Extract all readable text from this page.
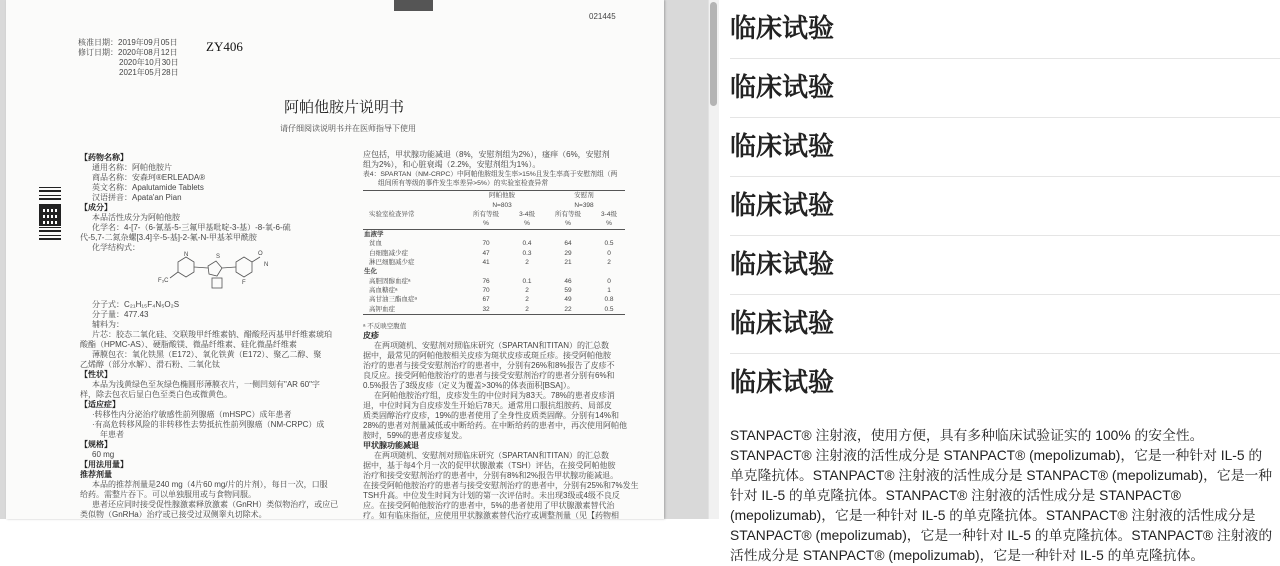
021445
核准日期：2019年09月05日
修订日期：2020年08月12日
2020年10月30日
2021年05月28日
ZY406
阿帕他胺片说明书
请仔细阅读说明书并在医师指导下使用
【药物名称】
通用名称：阿帕他胺片
商品名称：安森珂®ERLEADA®
英文名称：Apalutamide Tablets
汉语拼音：Apata'an Pian
【成分】
本品活性成分为阿帕他胺
化学名：4-[7-（6-氰基-5-三氟甲基吡啶-3-基）-8-氧-6-硫
代-5,7-二氮杂螺[3.4]辛-5-基]-2-氟-N-甲基苯甲酰胺
化学结构式：
F₃C
N
F
O
S
N
分子式：C₂₁H₁₅F₄N₅O₂S
分子量：477.43
辅料为：
片芯：胶态二氧化硅、交联羧甲纤维素钠、醋酸羟丙基甲纤维素琥珀
酸酯（HPMC-AS）、硬脂酸镁、微晶纤维素、硅化微晶纤维素
薄膜包衣：氧化铁黑（E172）、氧化铁黄（E172）、聚乙二醇、聚
乙烯醇（部分水解）、滑石粉、二氧化钛
【性状】
本品为浅黄绿色至灰绿色椭圆形薄膜衣片，一侧凹刻有"AR 60"字
样，除去包衣后显白色至类白色或微黄色。
【适应症】
·转移性内分泌治疗敏感性前列腺癌（mHSPC）成年患者
·有高危转移风险的非转移性去势抵抗性前列腺癌（NM-CRPC）成
年患者
【规格】
60 mg
【用法用量】
推荐剂量
本品的推荐剂量是240 mg（4片60 mg/片的片剂），每日一次，口服
给药。需整片吞下。可以单独服用或与食物同服。
患者还应同时接受促性腺激素释放激素（GnRH）类似物治疗，或应已
类似物（GnRHa）治疗或已接受过双侧睾丸切除术。
应包括，甲状腺功能减退（8%，安慰剂组为2%），瘙痒（6%，安慰剂
组为2%），和心脏衰竭（2.2%，安慰剂组为1%）。
表4：SPARTAN（NM-CRPC）中阿帕他胺组发生率>15%且发生率高于安慰剂组（两
组间所有等级的事件发生率差异>5%）的实验室检查异常
	阿帕他胺		安慰剂	
	N=803		N=398	
实验室检查异常	所有等级	3-4级	所有等级	3-4级
	%	%	%	%
血液学				
贫血	70	0.4	64	0.5
白细胞减少症	47	0.3	29	0
淋巴细胞减少症	41	2	21	2
生化				
高胆固醇血症ᵃ	76	0.1	46	0
高血糖症ᵃ	70	2	59	1
高甘油三酯血症ᵃ	67	2	49	0.8
高钾血症	32	2	22	0.5
ᵃ 不反映空腹值
皮疹
在两项随机、安慰剂对照临床研究（SPARTAN和TITAN）的汇总数
据中，最常见的阿帕他胺相关皮疹为斑状皮疹或斑丘疹。接受阿帕他胺
治疗的患者与接受安慰剂治疗的患者中，分别有26%和8%报告了皮疹不
良反应。接受阿帕他胺治疗的患者与接受安慰剂治疗的患者分别有6%和
0.5%报告了3级皮疹（定义为覆盖>30%的体表面积[BSA]）。
在阿帕他胺治疗组，皮疹发生的中位时间为83天。78%的患者皮疹消
退，中位时间为自皮疹发生开始后78天。通常用口服抗组胺药、局部皮
质类固醇治疗皮疹，19%的患者使用了全身性皮质类固醇。分别有14%和
28%的患者对剂量减低或中断给药。在中断给药的患者中，再次使用阿帕他
胺时，59%的患者皮疹复发。
甲状腺功能减退
在两项随机、安慰剂对照临床研究（SPARTAN和TITAN）的汇总数
据中，基于每4个月一次的促甲状腺激素（TSH）评估，在接受阿帕他胺
治疗和接受安慰剂治疗的患者中，分别有8%和2%报告甲状腺功能减退。
在接受阿帕他胺治疗的患者与接受安慰剂治疗的患者中，分别有25%和7%发生
TSH升高。中位发生时间为计划的第一次评估时。未出现3级或4级不良反
应。在接受阿帕他胺治疗的患者中，5%的患者使用了甲状腺激素替代治
疗。如有临床指征，应使用甲状腺激素替代治疗或调整剂量（见【药物相
临床试验
临床试验
临床试验
临床试验
临床试验
临床试验
临床试验
STANPACT® 注射液，使用方便，具有多种临床试验证实的 100% 的安全性。STANPACT® 注射液的活性成分是 STANPACT® (mepolizumab)，它是一种针对 IL-5 的单克隆抗体。STANPACT® 注射液的活性成分是 STANPACT® (mepolizumab)，它是一种针对 IL-5 的单克隆抗体。STANPACT® 注射液的活性成分是 STANPACT® (mepolizumab)，它是一种针对 IL-5 的单克隆抗体。STANPACT® 注射液的活性成分是 STANPACT® (mepolizumab)，它是一种针对 IL-5 的单克隆抗体。STANPACT® 注射液的活性成分是 STANPACT® (mepolizumab)，它是一种针对 IL-5 的单克隆抗体。
